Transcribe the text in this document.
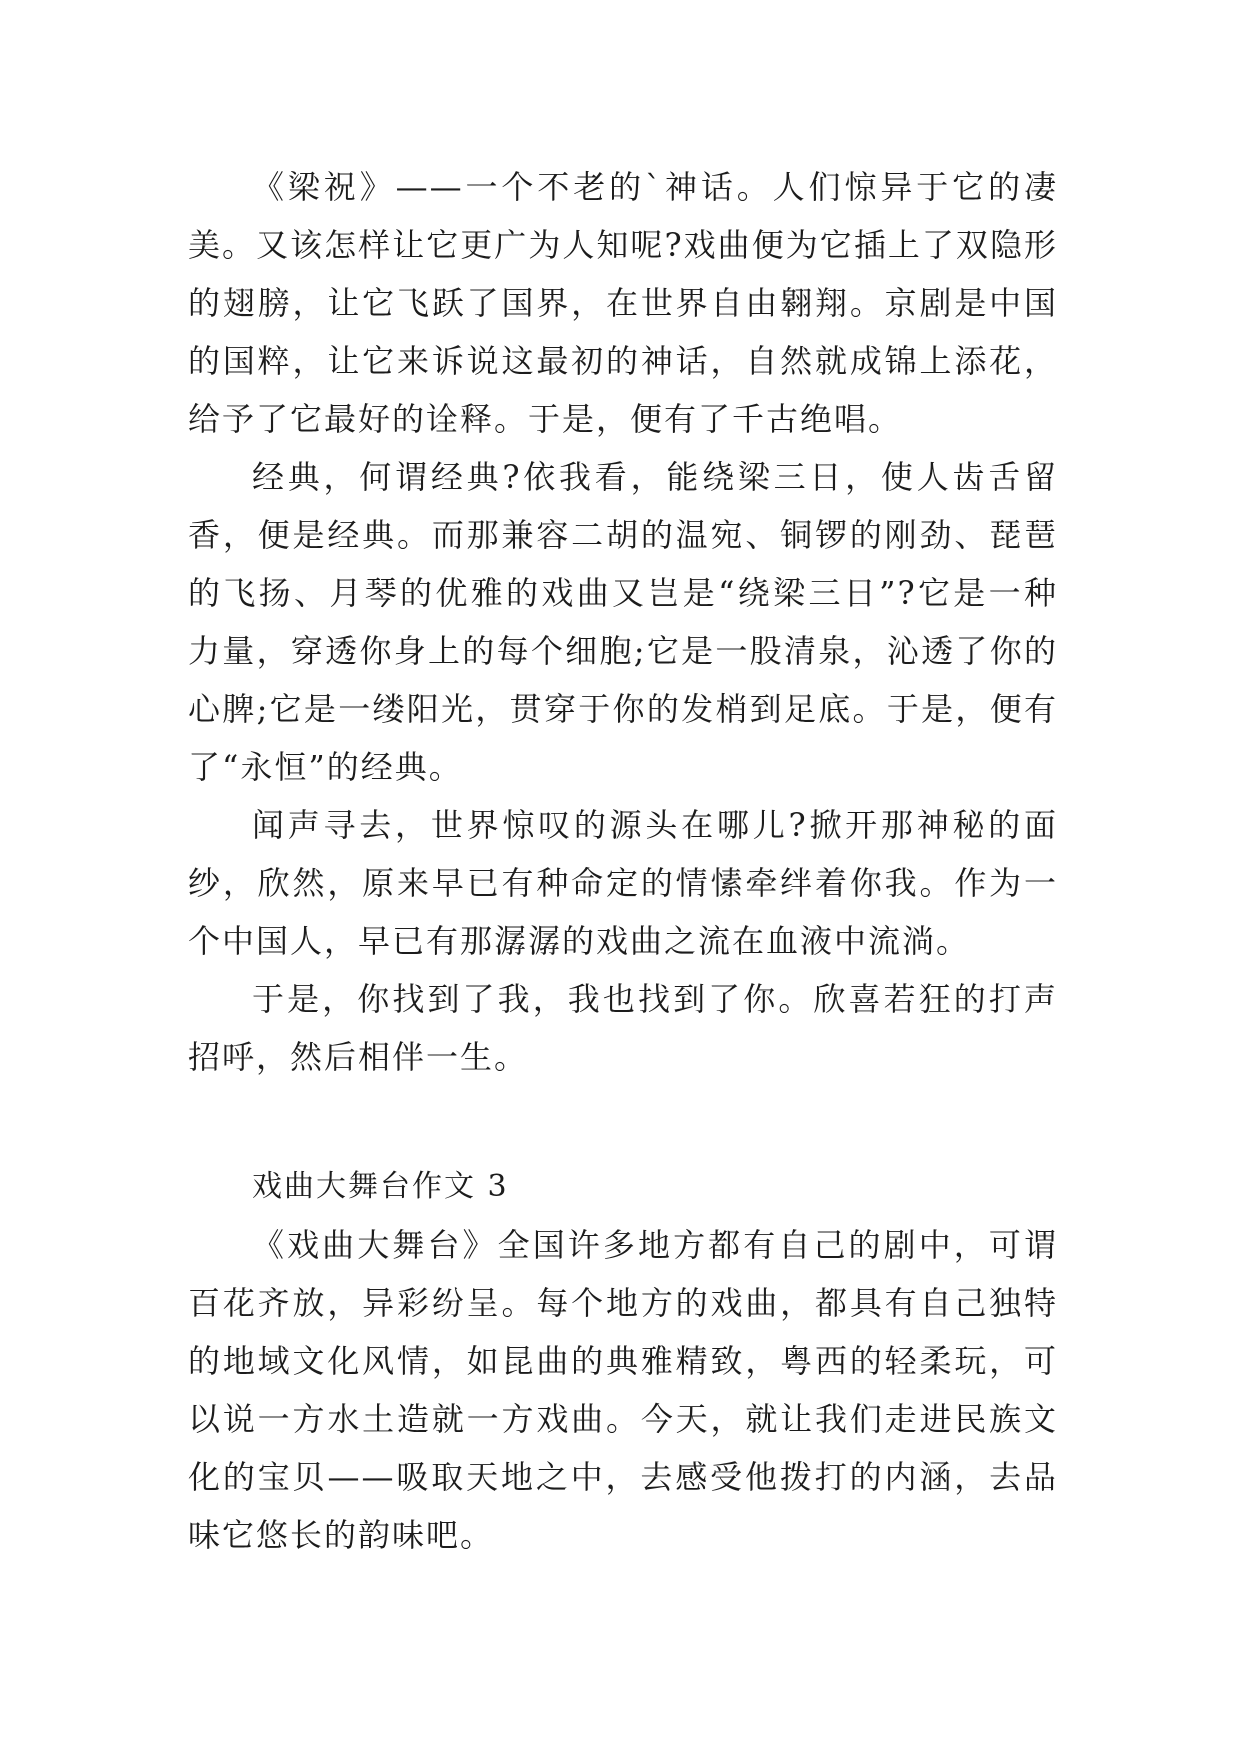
《梁祝》——一个不老的`神话。人们惊异于它的凄美。又该怎样让它更广为人知呢?戏曲便为它插上了双隐形的翅膀，让它飞跃了国界，在世界自由翱翔。京剧是中国的国粹，让它来诉说这最初的神话，自然就成锦上添花，给予了它最好的诠释。于是，便有了千古绝唱。

经典，何谓经典?依我看，能绕梁三日，使人齿舌留香，便是经典。而那兼容二胡的温宛、铜锣的刚劲、琵琶的飞扬、月琴的优雅的戏曲又岂是“绕梁三日”?它是一种力量，穿透你身上的每个细胞;它是一股清泉，沁透了你的心脾;它是一缕阳光，贯穿于你的发梢到足底。于是，便有了“永恒”的经典。

闻声寻去，世界惊叹的源头在哪儿?掀开那神秘的面纱，欣然，原来早已有种命定的情愫牵绊着你我。作为一个中国人，早已有那潺潺的戏曲之流在血液中流淌。

于是，你找到了我，我也找到了你。欣喜若狂的打声招呼，然后相伴一生。

戏曲大舞台作文 3

《戏曲大舞台》全国许多地方都有自己的剧中，可谓百花齐放，异彩纷呈。每个地方的戏曲，都具有自己独特的地域文化风情，如昆曲的典雅精致，粤西的轻柔玩，可以说一方水土造就一方戏曲。今天，就让我们走进民族文化的宝贝——吸取天地之中，去感受他拨打的内涵，去品味它悠长的韵味吧。
